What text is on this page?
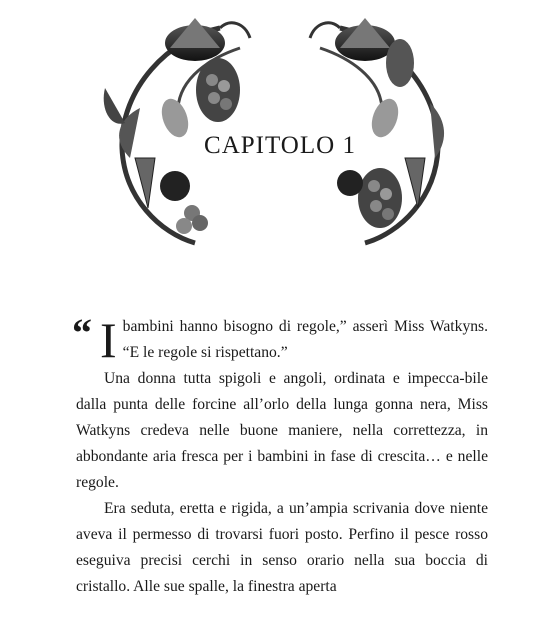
CAPITOLO 1

“ I bambini hanno bisogno di regole,” asserì Miss Watkyns. “E le regole si rispettano.”

Una donna tutta spigoli e angoli, ordinata e impecca-bile dalla punta delle forcine all’orlo della lunga gonna nera, Miss Watkyns credeva nelle buone maniere, nella correttezza, in abbondante aria fresca per i bambini in fase di crescita… e nelle regole.

Era seduta, eretta e rigida, a un’ampia scrivania dove niente aveva il permesso di trovarsi fuori posto. Perfino il pesce rosso eseguiva precisi cerchi in senso orario nella sua boccia di cristallo. Alle sue spalle, la finestra aperta
